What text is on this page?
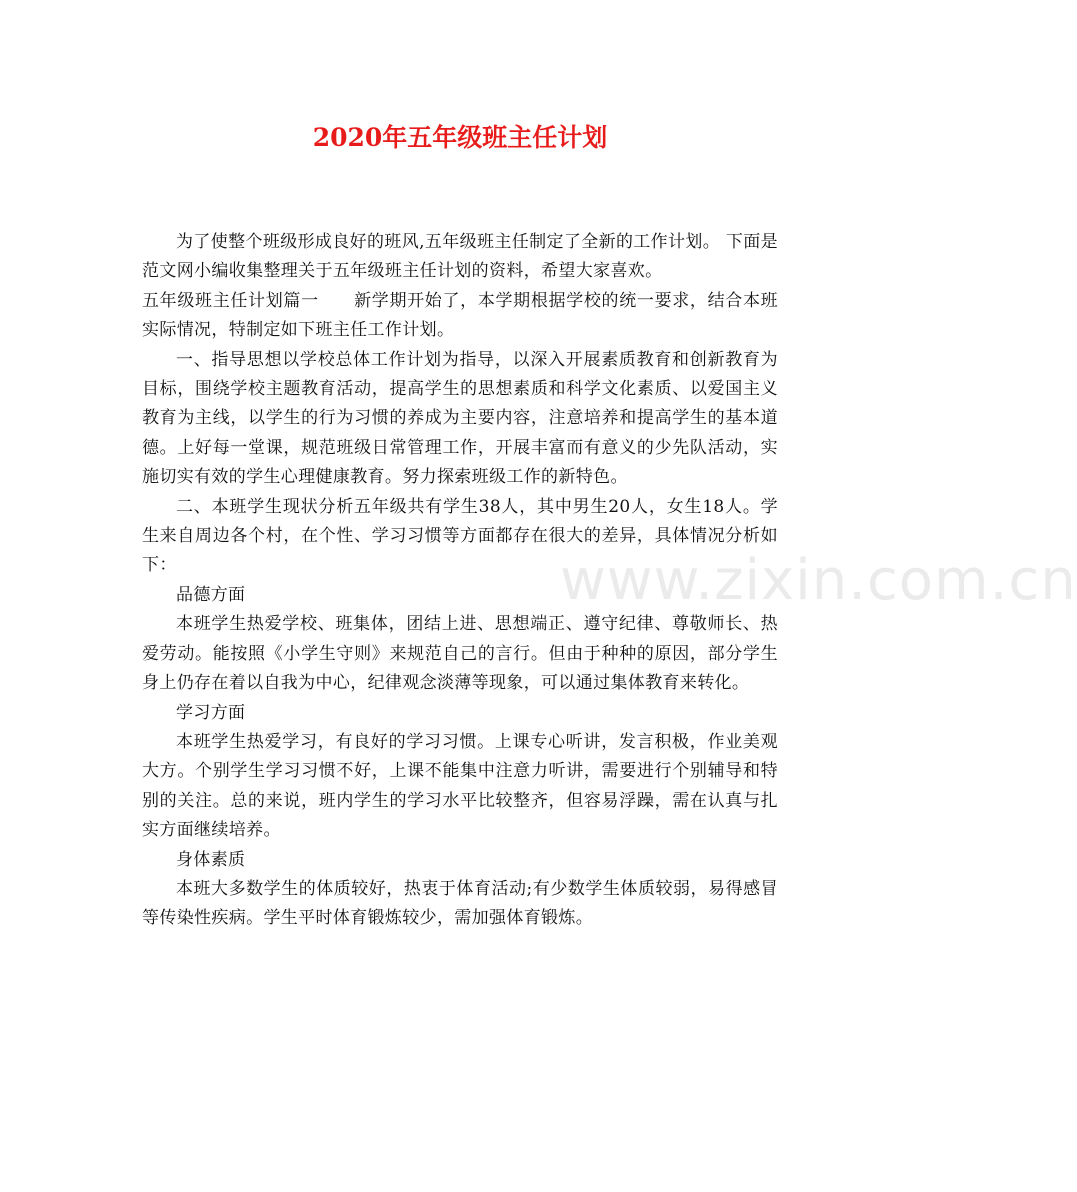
2020年五年级班主任计划
www.zixin.com.cn

为了使整个班级形成良好的班风,五年级班主任制定了全新的工作计划。 下面是范文网小编收集整理关于五年级班主任计划的资料，希望大家喜欢。

五年级班主任计划篇一　　新学期开始了，本学期根据学校的统一要求，结合本班实际情况，特制定如下班主任工作计划。

一、指导思想以学校总体工作计划为指导，以深入开展素质教育和创新教育为目标，围绕学校主题教育活动，提高学生的思想素质和科学文化素质、以爱国主义教育为主线，以学生的行为习惯的养成为主要内容，注意培养和提高学生的基本道德。上好每一堂课，规范班级日常管理工作，开展丰富而有意义的少先队活动，实施切实有效的学生心理健康教育。努力探索班级工作的新特色。

二、本班学生现状分析五年级共有学生38人，其中男生20人，女生18人。学生来自周边各个村，在个性、学习习惯等方面都存在很大的差异，具体情况分析如下：

品德方面

本班学生热爱学校、班集体，团结上进、思想端正、遵守纪律、尊敬师长、热爱劳动。能按照《小学生守则》来规范自己的言行。但由于种种的原因，部分学生身上仍存在着以自我为中心，纪律观念淡薄等现象，可以通过集体教育来转化。

学习方面

本班学生热爱学习，有良好的学习习惯。上课专心听讲，发言积极，作业美观大方。个别学生学习习惯不好，上课不能集中注意力听讲，需要进行个别辅导和特别的关注。总的来说，班内学生的学习水平比较整齐，但容易浮躁，需在认真与扎实方面继续培养。

身体素质

本班大多数学生的体质较好，热衷于体育活动;有少数学生体质较弱，易得感冒等传染性疾病。学生平时体育锻炼较少，需加强体育锻炼。
